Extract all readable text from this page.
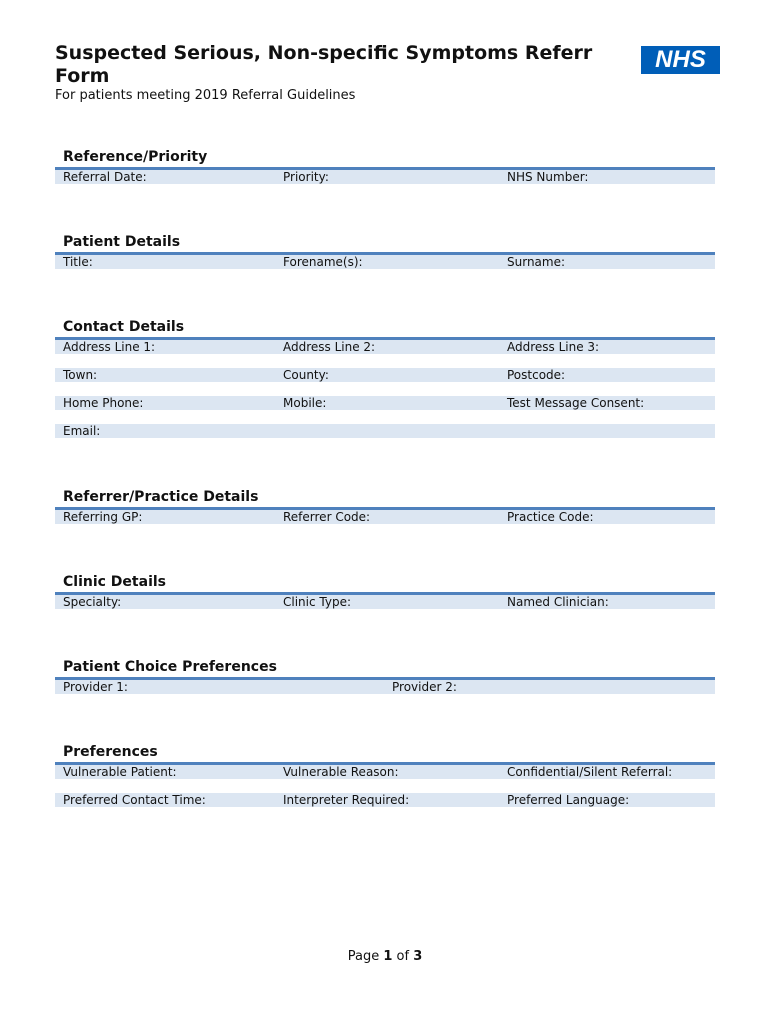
Suspected Serious, Non-specific Symptoms Referr

Form

NHS

For patients meeting 2019 Referral Guidelines

Reference/Priority
Referral Date:	Priority:	NHS Number:
Patient Details
Title:	Forename(s):	Surname:
Contact Details
Address Line 1:	Address Line 2:	Address Line 3:
Town:	County:	Postcode:
Home Phone:	Mobile:	Test Message Consent:
Email:
Referrer/Practice Details
Referring GP:	Referrer Code:	Practice Code:
Clinic Details
Specialty:	Clinic Type:	Named Clinician:
Patient Choice Preferences
Provider 1:	Provider 2:
Preferences
Vulnerable Patient:	Vulnerable Reason:	Confidential/Silent Referral:
Preferred Contact Time:	Interpreter Required:	Preferred Language:
Page 1 of 3
